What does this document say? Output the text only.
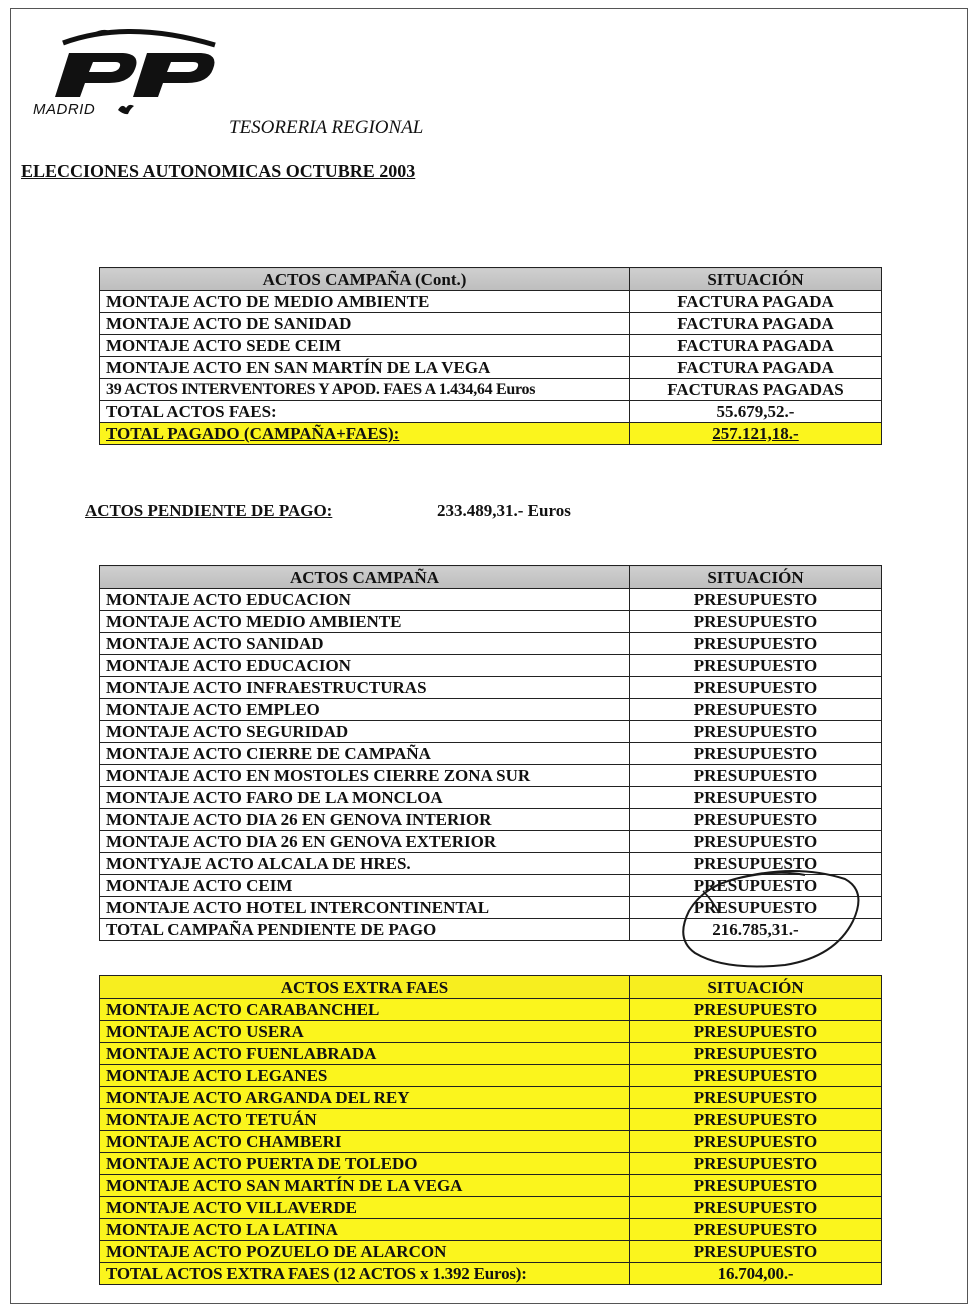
MADRID
TESORERIA REGIONAL
ELECCIONES AUTONOMICAS OCTUBRE 2003
ACTOS CAMPAÑA (Cont.)	SITUACIÓN
MONTAJE ACTO DE MEDIO AMBIENTE	FACTURA PAGADA
MONTAJE ACTO DE SANIDAD	FACTURA PAGADA
MONTAJE ACTO SEDE CEIM	FACTURA PAGADA
MONTAJE ACTO EN SAN MARTÍN DE LA VEGA	FACTURA PAGADA
39 ACTOS INTERVENTORES Y APOD. FAES A 1.434,64 Euros	FACTURAS PAGADAS
TOTAL ACTOS FAES:	55.679,52.-
TOTAL PAGADO (CAMPAÑA+FAES):	257.121,18.-
ACTOS PENDIENTE DE PAGO:	233.489,31.- Euros
ACTOS CAMPAÑA	SITUACIÓN
MONTAJE ACTO EDUCACION	PRESUPUESTO
MONTAJE ACTO MEDIO AMBIENTE	PRESUPUESTO
MONTAJE ACTO SANIDAD	PRESUPUESTO
MONTAJE ACTO EDUCACION	PRESUPUESTO
MONTAJE ACTO INFRAESTRUCTURAS	PRESUPUESTO
MONTAJE ACTO EMPLEO	PRESUPUESTO
MONTAJE ACTO SEGURIDAD	PRESUPUESTO
MONTAJE ACTO CIERRE DE CAMPAÑA	PRESUPUESTO
MONTAJE ACTO EN MOSTOLES CIERRE ZONA SUR	PRESUPUESTO
MONTAJE ACTO FARO DE LA MONCLOA	PRESUPUESTO
MONTAJE ACTO DIA 26 EN GENOVA INTERIOR	PRESUPUESTO
MONTAJE ACTO DIA 26 EN GENOVA EXTERIOR	PRESUPUESTO
MONTYAJE ACTO ALCALA DE HRES.	PRESUPUESTO
MONTAJE ACTO CEIM	PRESUPUESTO
MONTAJE ACTO HOTEL INTERCONTINENTAL	PRESUPUESTO
TOTAL CAMPAÑA PENDIENTE DE PAGO	216.785,31.-
ACTOS EXTRA FAES	SITUACIÓN
MONTAJE ACTO CARABANCHEL	PRESUPUESTO
MONTAJE ACTO USERA	PRESUPUESTO
MONTAJE ACTO FUENLABRADA	PRESUPUESTO
MONTAJE ACTO LEGANES	PRESUPUESTO
MONTAJE ACTO ARGANDA DEL REY	PRESUPUESTO
MONTAJE ACTO TETUÁN	PRESUPUESTO
MONTAJE ACTO CHAMBERI	PRESUPUESTO
MONTAJE ACTO PUERTA DE TOLEDO	PRESUPUESTO
MONTAJE ACTO SAN MARTÍN DE LA VEGA	PRESUPUESTO
MONTAJE ACTO VILLAVERDE	PRESUPUESTO
MONTAJE ACTO LA LATINA	PRESUPUESTO
MONTAJE ACTO POZUELO DE ALARCON	PRESUPUESTO
TOTAL ACTOS EXTRA FAES (12 ACTOS x 1.392 Euros):	16.704,00.-
